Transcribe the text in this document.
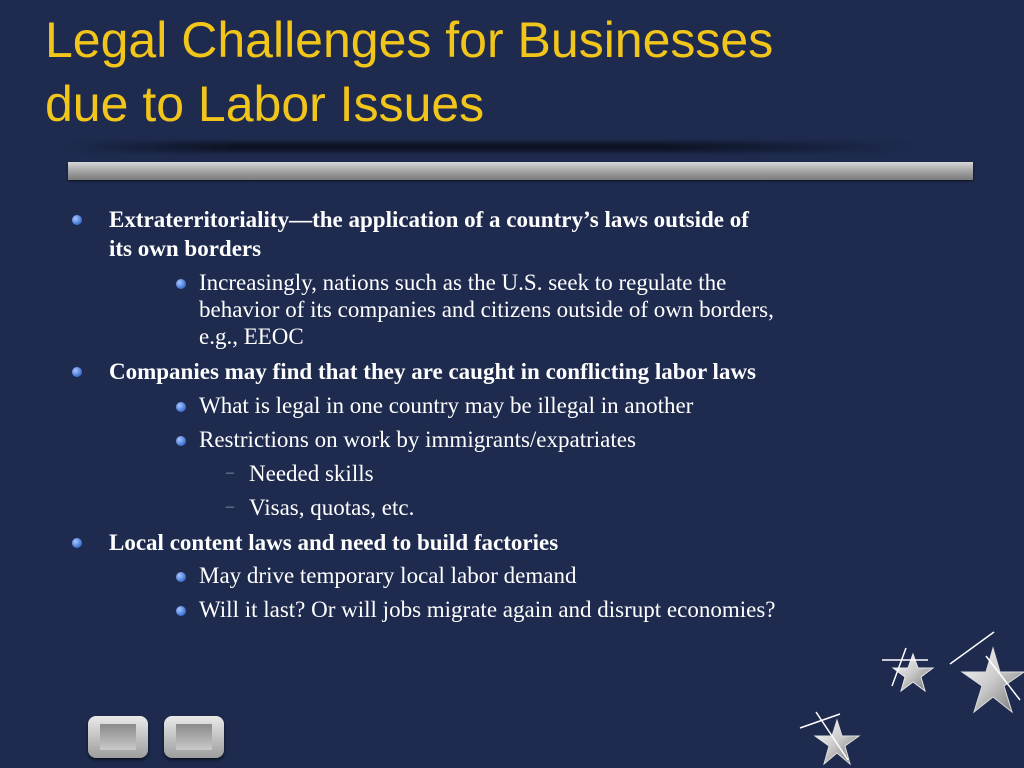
Legal Challenges for Businesses
due to Labor Issues
Extraterritoriality—the application of a country’s laws outside of
its own borders
Increasingly, nations such as the U.S. seek to regulate the
behavior of its companies and citizens outside of own borders,
e.g., EEOC
Companies may find that they are caught in conflicting labor laws
What is legal in one country may be illegal in another
Restrictions on work by immigrants/expatriates
– Needed skills
– Visas, quotas, etc.
Local content laws and need to build factories
May drive temporary local labor demand
Will it last? Or will jobs migrate again and disrupt economies?
